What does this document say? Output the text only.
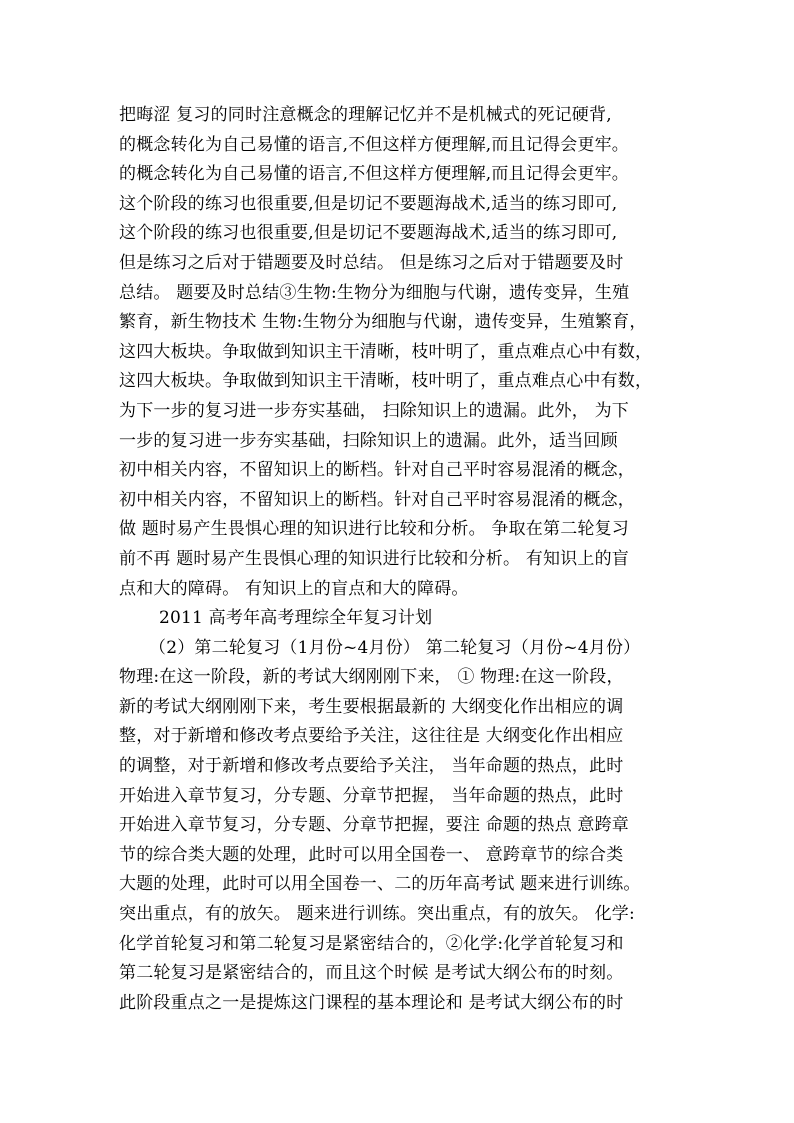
把晦涩 复习的同时注意概念的理解记忆并不是机械式的死记硬背,
的概念转化为自己易懂的语言,不但这样方便理解,而且记得会更牢。
的概念转化为自己易懂的语言,不但这样方便理解,而且记得会更牢。
这个阶段的练习也很重要,但是切记不要题海战术,适当的练习即可,
这个阶段的练习也很重要,但是切记不要题海战术,适当的练习即可,
但是练习之后对于错题要及时总结。 但是练习之后对于错题要及时
总结。 题要及时总结③生物:生物分为细胞与代谢，遗传变异，生殖
繁育，新生物技术 生物:生物分为细胞与代谢，遗传变异，生殖繁育，
这四大板块。争取做到知识主干清晰，枝叶明了，重点难点心中有数，
这四大板块。争取做到知识主干清晰，枝叶明了，重点难点心中有数，
为下一步的复习进一步夯实基础， 扫除知识上的遗漏。此外， 为下
一步的复习进一步夯实基础，扫除知识上的遗漏。此外，适当回顾
初中相关内容，不留知识上的断档。针对自己平时容易混淆的概念，
初中相关内容，不留知识上的断档。针对自己平时容易混淆的概念，
做 题时易产生畏惧心理的知识进行比较和分析。 争取在第二轮复习
前不再 题时易产生畏惧心理的知识进行比较和分析。 有知识上的盲
点和大的障碍。 有知识上的盲点和大的障碍。
2011 高考年高考理综全年复习计划
（2）第二轮复习（1月份~4月份） 第二轮复习（月份~4月份）
物理:在这一阶段，新的考试大纲刚刚下来， ① 物理:在这一阶段，
新的考试大纲刚刚下来，考生要根据最新的 大纲变化作出相应的调
整，对于新增和修改考点要给予关注，这往往是 大纲变化作出相应
的调整，对于新增和修改考点要给予关注， 当年命题的热点，此时
开始进入章节复习，分专题、分章节把握， 当年命题的热点，此时
开始进入章节复习，分专题、分章节把握，要注 命题的热点 意跨章
节的综合类大题的处理，此时可以用全国卷一、 意跨章节的综合类
大题的处理，此时可以用全国卷一、二的历年高考试 题来进行训练。
突出重点，有的放矢。 题来进行训练。突出重点，有的放矢。 化学:
化学首轮复习和第二轮复习是紧密结合的，②化学:化学首轮复习和
第二轮复习是紧密结合的，而且这个时候 是考试大纲公布的时刻。
此阶段重点之一是提炼这门课程的基本理论和 是考试大纲公布的时
